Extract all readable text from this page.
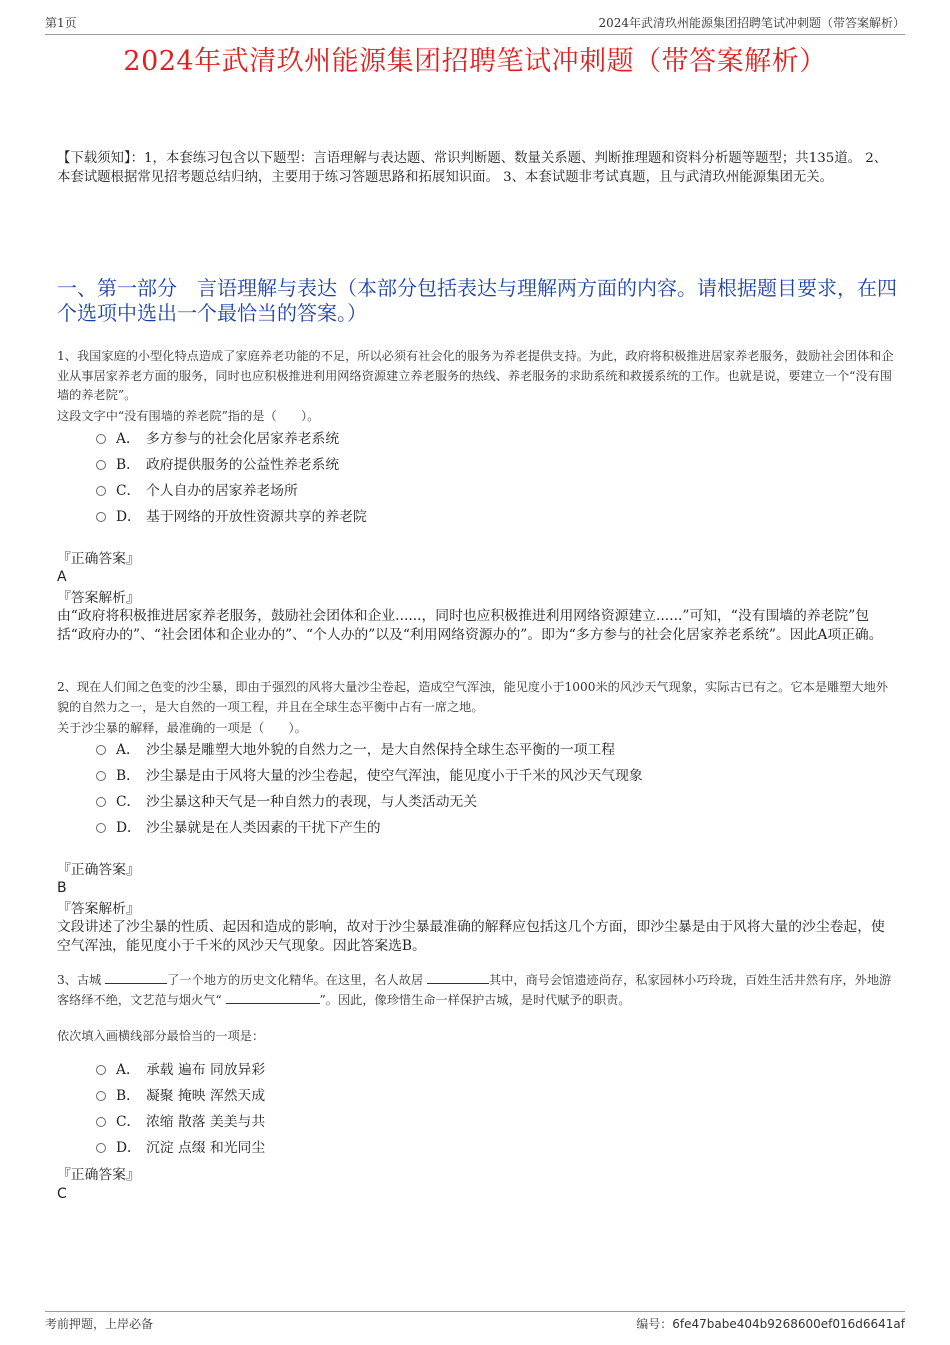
第1页	2024年武清玖州能源集团招聘笔试冲刺题（带答案解析）
2024年武清玖州能源集团招聘笔试冲刺题（带答案解析）
【下载须知】：1，本套练习包含以下题型：言语理解与表达题、常识判断题、数量关系题、判断推理题和资料分析题等题型；共135道。 2、本套试题根据常见招考题总结归纳，主要用于练习答题思路和拓展知识面。 3、本套试题非考试真题，且与武清玖州能源集团无关。
一、第一部分　言语理解与表达（本部分包括表达与理解两方面的内容。请根据题目要求，在四个选项中选出一个最恰当的答案。）
1、我国家庭的小型化特点造成了家庭养老功能的不足，所以必须有社会化的服务为养老提供支持。为此，政府将积极推进居家养老服务，鼓励社会团体和企业从事居家养老方面的服务，同时也应积极推进利用网络资源建立养老服务的热线、养老服务的求助系统和救援系统的工作。也就是说，要建立一个“没有围墙的养老院”。
这段文字中“没有围墙的养老院”指的是（　　）。
A． 多方参与的社会化居家养老系统
B． 政府提供服务的公益性养老系统
C． 个人自办的居家养老场所
D． 基于网络的开放性资源共享的养老院
『正确答案』
A
『答案解析』
由“政府将积极推进居家养老服务，鼓励社会团体和企业......，同时也应积极推进利用网络资源建立......”可知，“没有围墙的养老院”包括“政府办的”、“社会团体和企业办的”、“个人办的”以及“利用网络资源办的”。即为“多方参与的社会化居家养老系统”。因此A项正确。
2、现在人们闻之色变的沙尘暴，即由于强烈的风将大量沙尘卷起，造成空气浑浊，能见度小于1000米的风沙天气现象，实际古已有之。它本是雕塑大地外貌的自然力之一，是大自然的一项工程，并且在全球生态平衡中占有一席之地。
关于沙尘暴的解释，最准确的一项是（　　）。
A． 沙尘暴是雕塑大地外貌的自然力之一，是大自然保持全球生态平衡的一项工程
B． 沙尘暴是由于风将大量的沙尘卷起，使空气浑浊，能见度小于千米的风沙天气现象
C． 沙尘暴这种天气是一种自然力的表现，与人类活动无关
D． 沙尘暴就是在人类因素的干扰下产生的
『正确答案』
B
『答案解析』
文段讲述了沙尘暴的性质、起因和造成的影响，故对于沙尘暴最准确的解释应包括这几个方面，即沙尘暴是由于风将大量的沙尘卷起，使空气浑浊，能见度小于千米的风沙天气现象。因此答案选B。
3、古城	了一个地方的历史文化精华。在这里，名人故居	其中，商号会馆遗迹尚存，私家园林小巧玲珑，百姓生活井然有序，外地游客络绎不绝，文艺范与烟火气“	”。因此，像珍惜生命一样保护古城，是时代赋予的职责。
依次填入画横线部分最恰当的一项是：
A． 承载 遍布 同放异彩
B． 凝聚 掩映 浑然天成
C． 浓缩 散落 美美与共
D． 沉淀 点缀 和光同尘
『正确答案』
C
考前押题，上岸必备	编号：6fe47babe404b9268600ef016d6641af
